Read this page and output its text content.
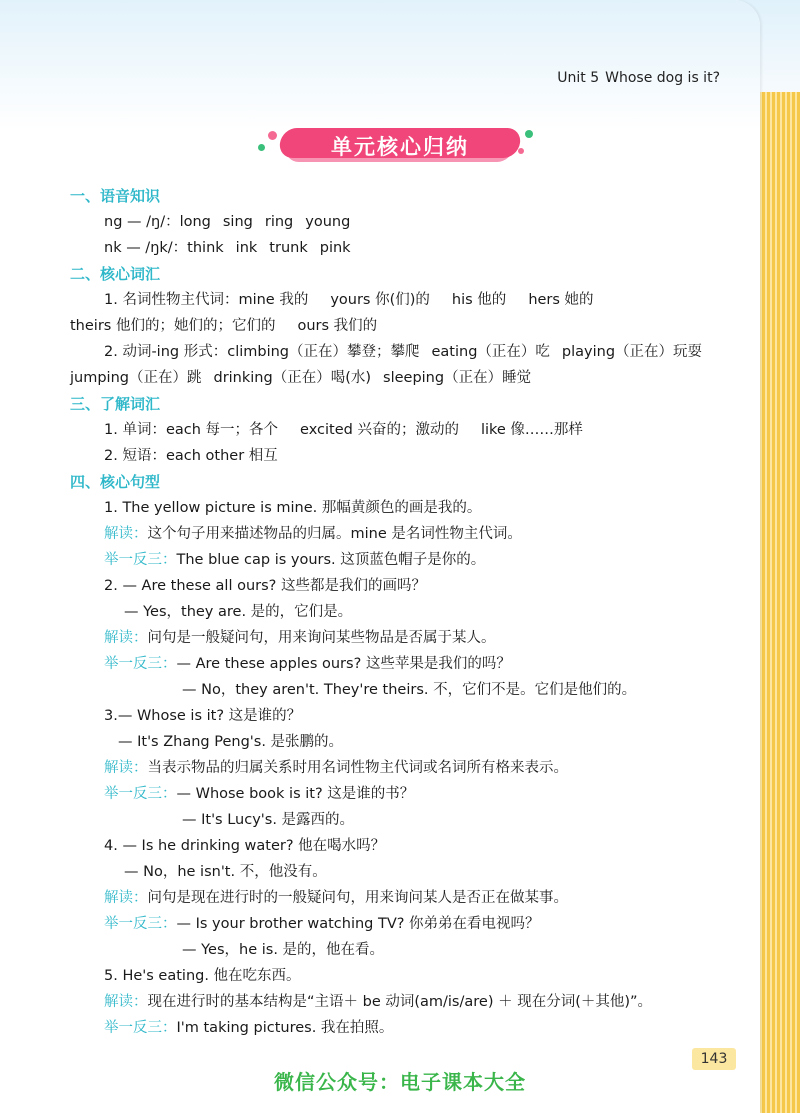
Unit 5 Whose dog is it?
单元核心归纳
一、语音知识
ng — /ŋ/：long sing ring young
nk — /ŋk/：think ink trunk pink
二、核心词汇
1. 名词性物主代词：mine 我的 yours 你(们)的 his 他的 hers 她的
theirs 他们的；她们的；它们的 ours 我们的
2. 动词-ing 形式：climbing（正在）攀登；攀爬 eating（正在）吃 playing（正在）玩耍
jumping（正在）跳 drinking（正在）喝(水) sleeping（正在）睡觉
三、了解词汇
1. 单词：each 每一；各个 excited 兴奋的；激动的 like 像……那样
2. 短语：each other 相互
四、核心句型
1. The yellow picture is mine. 那幅黄颜色的画是我的。
解读：这个句子用来描述物品的归属。mine 是名词性物主代词。
举一反三：The blue cap is yours. 这顶蓝色帽子是你的。
2. — Are these all ours? 这些都是我们的画吗？
— Yes，they are. 是的，它们是。
解读：问句是一般疑问句，用来询问某些物品是否属于某人。
举一反三：— Are these apples ours? 这些苹果是我们的吗？
— No，they aren't. They're theirs. 不，它们不是。它们是他们的。
3.— Whose is it? 这是谁的？
— It's Zhang Peng's. 是张鹏的。
解读：当表示物品的归属关系时用名词性物主代词或名词所有格来表示。
举一反三：— Whose book is it? 这是谁的书？
— It's Lucy's. 是露西的。
4. — Is he drinking water? 他在喝水吗？
— No，he isn't. 不，他没有。
解读：问句是现在进行时的一般疑问句，用来询问某人是否正在做某事。
举一反三：— Is your brother watching TV? 你弟弟在看电视吗？
— Yes，he is. 是的，他在看。
5. He's eating. 他在吃东西。
解读：现在进行时的基本结构是“主语＋ be 动词(am/is/are) ＋ 现在分词(＋其他)”。
举一反三：I'm taking pictures. 我在拍照。
143
微信公众号：电子课本大全
